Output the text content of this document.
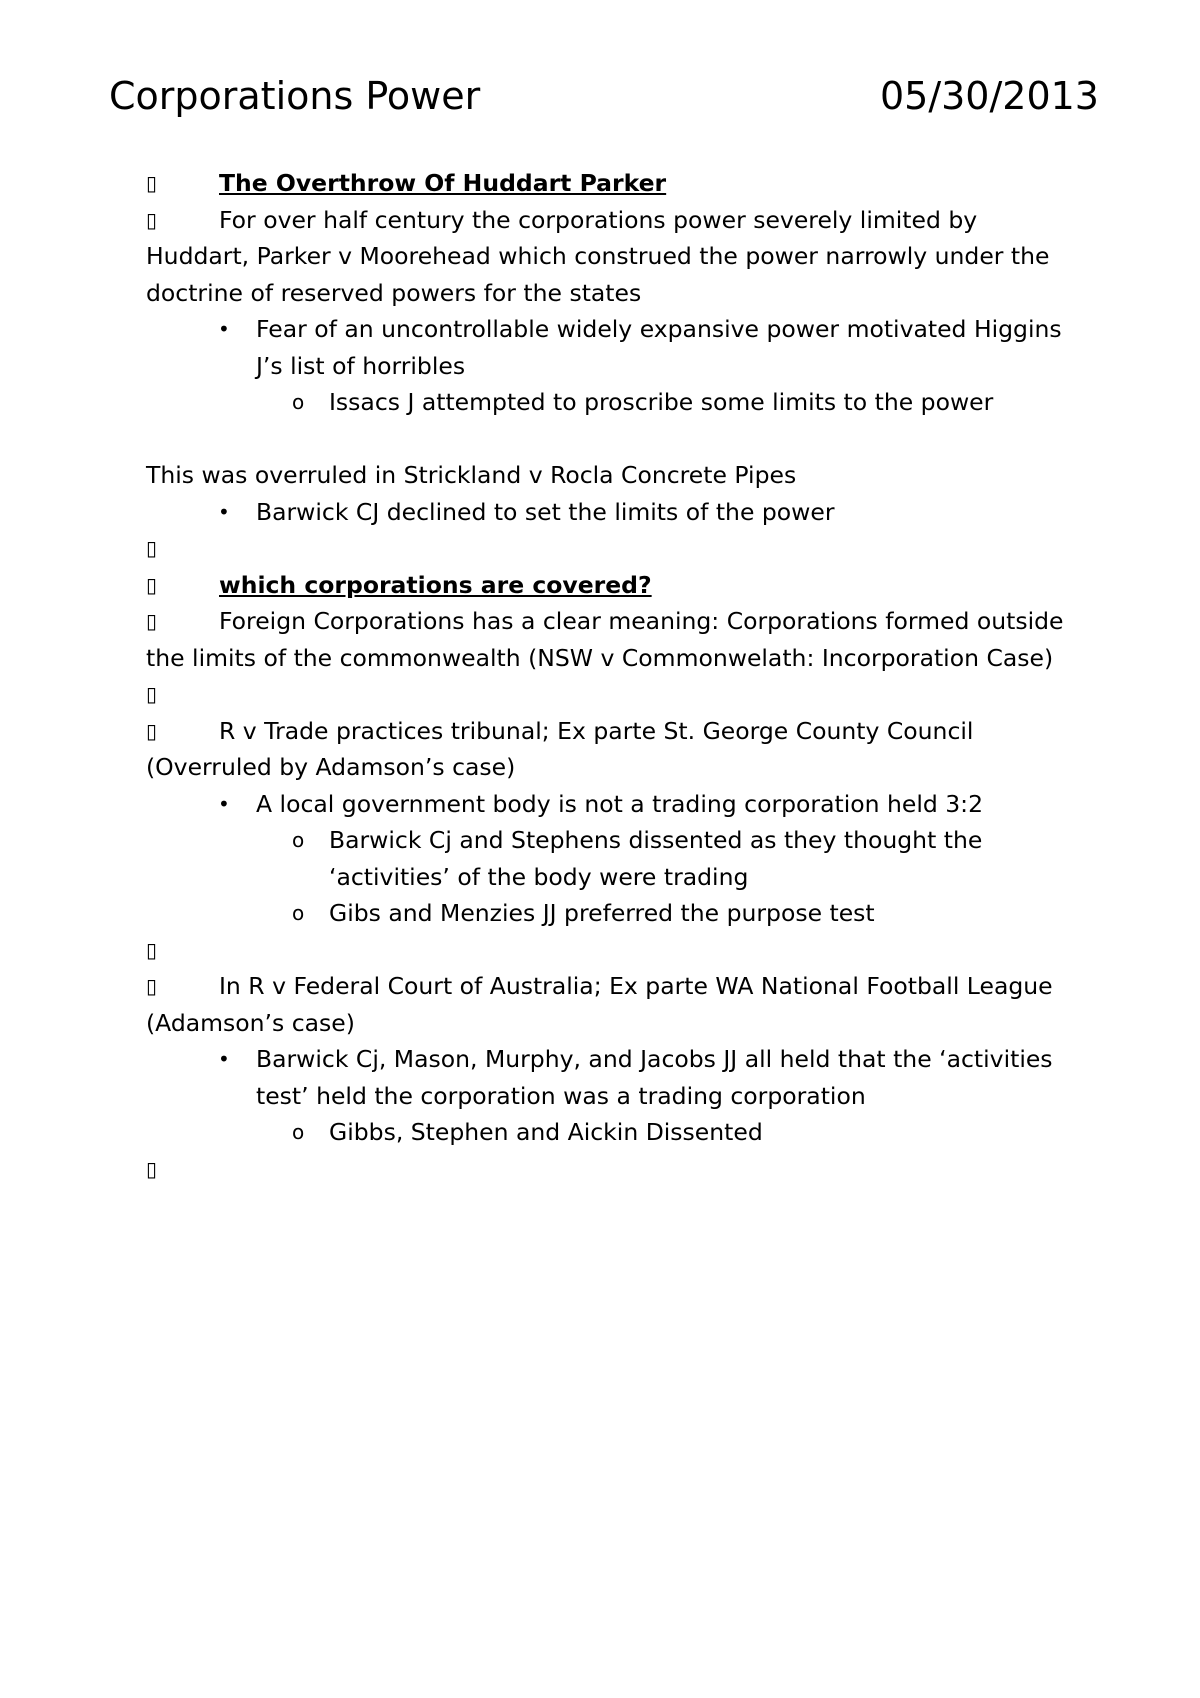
Corporations Power	05/30/2013

▯	The Overthrow Of Huddart Parker

▯	For over half century the corporations power severely limited by Huddart, Parker v Moorehead which construed the power narrowly under the doctrine of reserved powers for the states

• Fear of an uncontrollable widely expansive power motivated Higgins J’s list of horribles

o Issacs J attempted to proscribe some limits to the power

This was overruled in Strickland v Rocla Concrete Pipes

• Barwick CJ declined to set the limits of the power

▯

▯	which corporations are covered?

▯	Foreign Corporations has a clear meaning: Corporations formed outside the limits of the commonwealth (NSW v Commonwelath: Incorporation Case)

▯

▯	R v Trade practices tribunal; Ex parte St. George County Council (Overruled by Adamson’s case)

• A local government body is not a trading corporation held 3:2

o Barwick Cj and Stephens dissented as they thought the ‘activities’ of the body were trading

o Gibs and Menzies JJ preferred the purpose test

▯

▯	In R v Federal Court of Australia; Ex parte WA National Football League (Adamson’s case)

• Barwick Cj, Mason, Murphy, and Jacobs JJ all held that the ‘activities test’ held the corporation was a trading corporation

o Gibbs, Stephen and Aickin Dissented

▯
